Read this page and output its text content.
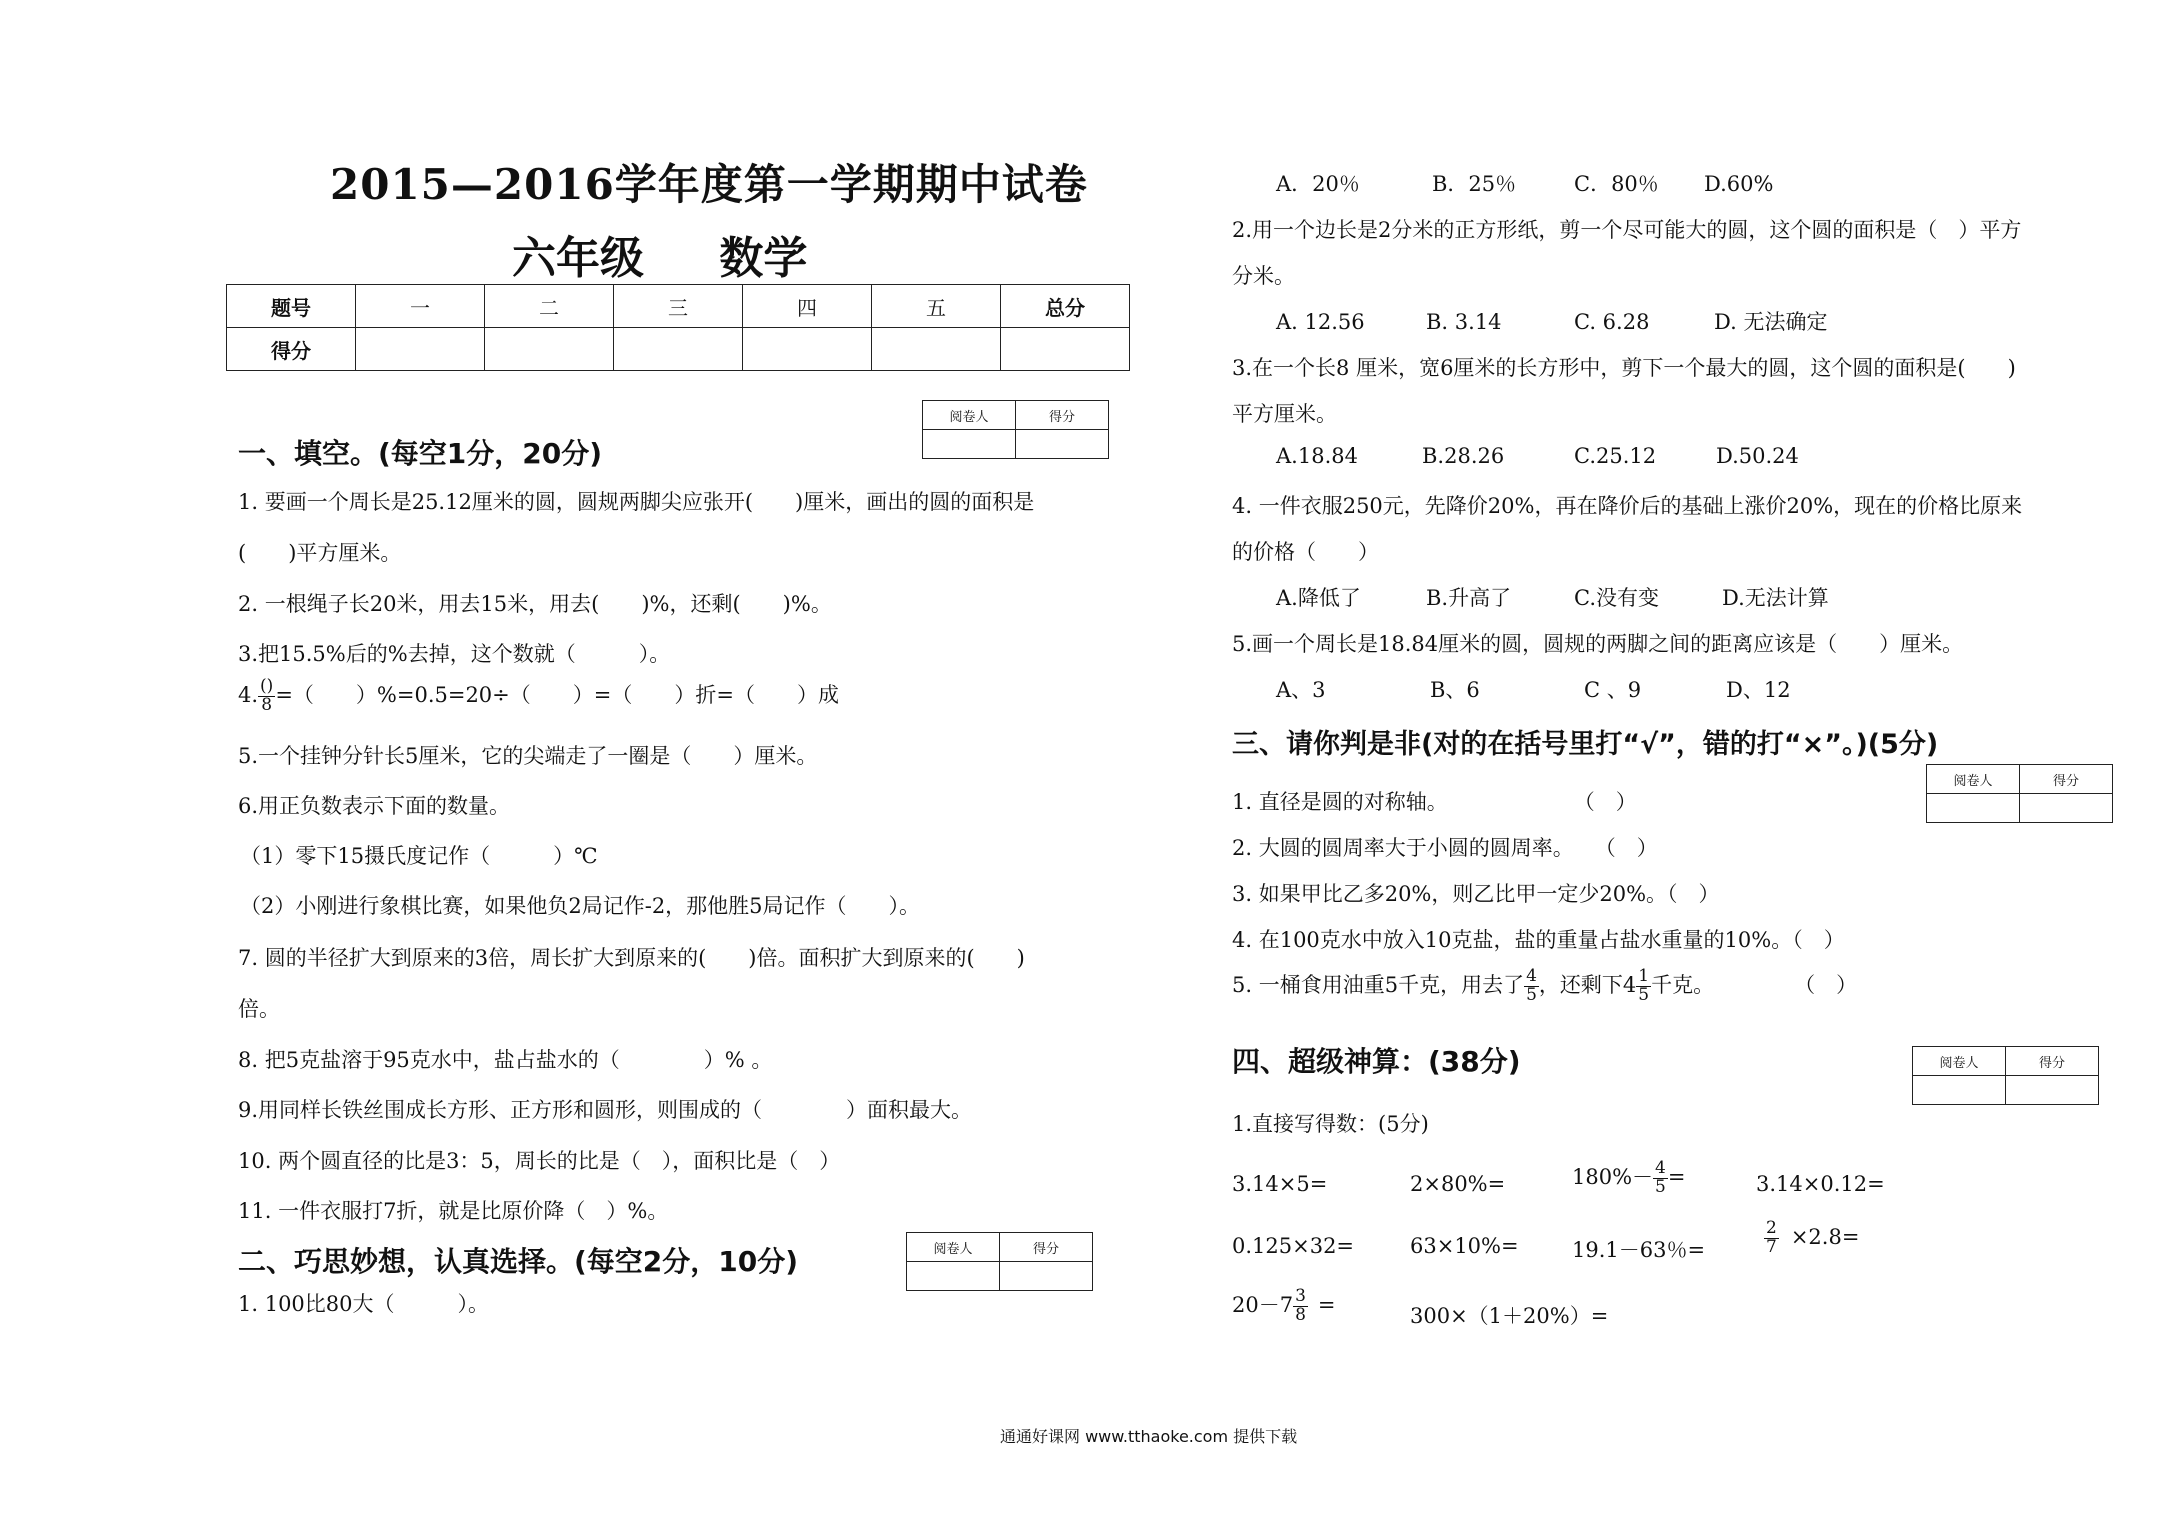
2015—2016学年度第一学期期中试卷
六年级 数学
题号	一	二	三	四	五	总分
得分						
阅卷人	得分

一、填空。(每空1分，20分)
1. 要画一个周长是25.12厘米的圆，圆规两脚尖应张开(　　)厘米，画出的圆的面积是
(　　)平方厘米。
2. 一根绳子长20米，用去15米，用去(　　)%，还剩(　　)%。
3.把15.5%后的%去掉，这个数就（　　　）。
4. $\frac{()}{8}$ =（　　）%=0.5=20÷（　　）=（　　）折=（　　）成
5.一个挂钟分针长5厘米，它的尖端走了一圈是（　　）厘米。
6.用正负数表示下面的数量。
（1）零下15摄氏度记作（　　　）℃
（2）小刚进行象棋比赛，如果他负2局记作-2，那他胜5局记作（　　）。
7. 圆的半径扩大到原来的3倍，周长扩大到原来的(　　)倍。面积扩大到原来的(　　)
倍。
8. 把5克盐溶于95克水中，盐占盐水的（　　　　）% 。
9.用同样长铁丝围成长方形、正方形和圆形，则围成的（　　　　）面积最大。
10. 两个圆直径的比是3：5，周长的比是（　），面积比是（　）
11. 一件衣服打7折，就是比原价降（　）%。
二、巧思妙想，认真选择。(每空2分，10分)	阅卷人	得分

1. 100比80大（　　　）。
A．20％	B．25％	C．80％ D.60%
2.用一个边长是2分米的正方形纸，剪一个尽可能大的圆，这个圆的面积是（　）平方
分米。
A. 12.56	B. 3.14	C. 6.28	D. 无法确定
3.在一个长8 厘米，宽6厘米的长方形中，剪下一个最大的圆，这个圆的面积是(　　)
平方厘米。
A.18.84	B.28.26	C.25.12	D.50.24
4. 一件衣服250元，先降价20%，再在降价后的基础上涨价20%，现在的价格比原来
的价格（　　）
A.降低了	B.升高了	C.没有变	D.无法计算
5.画一个周长是18.84厘米的圆，圆规的两脚之间的距离应该是（　　）厘米。
A、3	B、6	C 、9	D、12
三、请你判是非(对的在括号里打“√”，错的打“×”。)(5分)
阅卷人	得分

1. 直径是圆的对称轴。　　　　　　　（　）
2. 大圆的圆周率大于小圆的圆周率。　　（　）
3. 如果甲比乙多20%，则乙比甲一定少20%。（　）
4. 在100克水中放入10克盐，盐的重量占盐水重量的10%。（　）
5. 一桶食用油重5千克，用去了 $\frac{4}{5}$ ，还剩下$4 \frac{1}{5}$ 千克。	（　）
四、超级神算：(38分)	阅卷人	得分

1.直接写得数：(5分)
3.14×5=	2×80%=	$180\%- \frac{4}{5}$ =	3.14×0.12=
0.125×32=	63×10%=	19.1－63％=	$\frac{2}{7} \times 2.8=$
$20-7 \frac{3}{8}$ =	300×（1＋20%）=
通通好课网 www.tthaoke.com 提供下载
